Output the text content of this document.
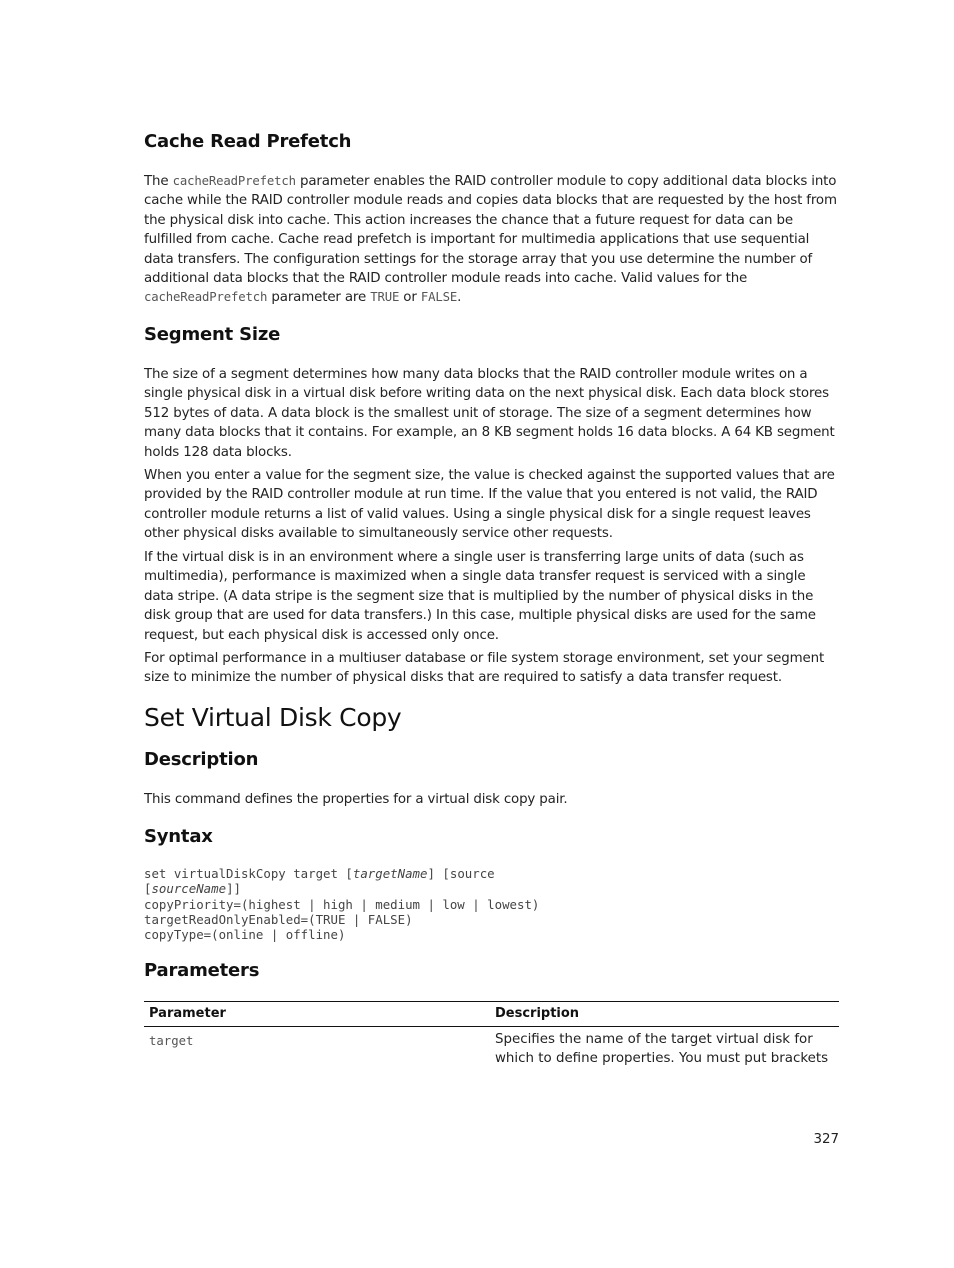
Cache Read Prefetch

The cacheReadPrefetch parameter enables the RAID controller module to copy additional data blocks into cache while the RAID controller module reads and copies data blocks that are requested by the host from the physical disk into cache. This action increases the chance that a future request for data can be fulfilled from cache. Cache read prefetch is important for multimedia applications that use sequential data transfers. The configuration settings for the storage array that you use determine the number of additional data blocks that the RAID controller module reads into cache. Valid values for the cacheReadPrefetch parameter are TRUE or FALSE.

Segment Size

The size of a segment determines how many data blocks that the RAID controller module writes on a single physical disk in a virtual disk before writing data on the next physical disk. Each data block stores 512 bytes of data. A data block is the smallest unit of storage. The size of a segment determines how many data blocks that it contains. For example, an 8 KB segment holds 16 data blocks. A 64 KB segment holds 128 data blocks.

When you enter a value for the segment size, the value is checked against the supported values that are provided by the RAID controller module at run time. If the value that you entered is not valid, the RAID controller module returns a list of valid values. Using a single physical disk for a single request leaves other physical disks available to simultaneously service other requests.

If the virtual disk is in an environment where a single user is transferring large units of data (such as multimedia), performance is maximized when a single data transfer request is serviced with a single data stripe. (A data stripe is the segment size that is multiplied by the number of physical disks in the disk group that are used for data transfers.) In this case, multiple physical disks are used for the same request, but each physical disk is accessed only once.

For optimal performance in a multiuser database or file system storage environment, set your segment size to minimize the number of physical disks that are required to satisfy a data transfer request.

Set Virtual Disk Copy
Description

This command defines the properties for a virtual disk copy pair.

Syntax
set virtualDiskCopy target [targetName] [source
[sourceName]]
copyPriority=(highest | high | medium | low | lowest)
targetReadOnlyEnabled=(TRUE | FALSE)
copyType=(online | offline)
Parameters
Parameter	Description
target	Specifies the name of the target virtual disk for which to define properties. You must put brackets
327
